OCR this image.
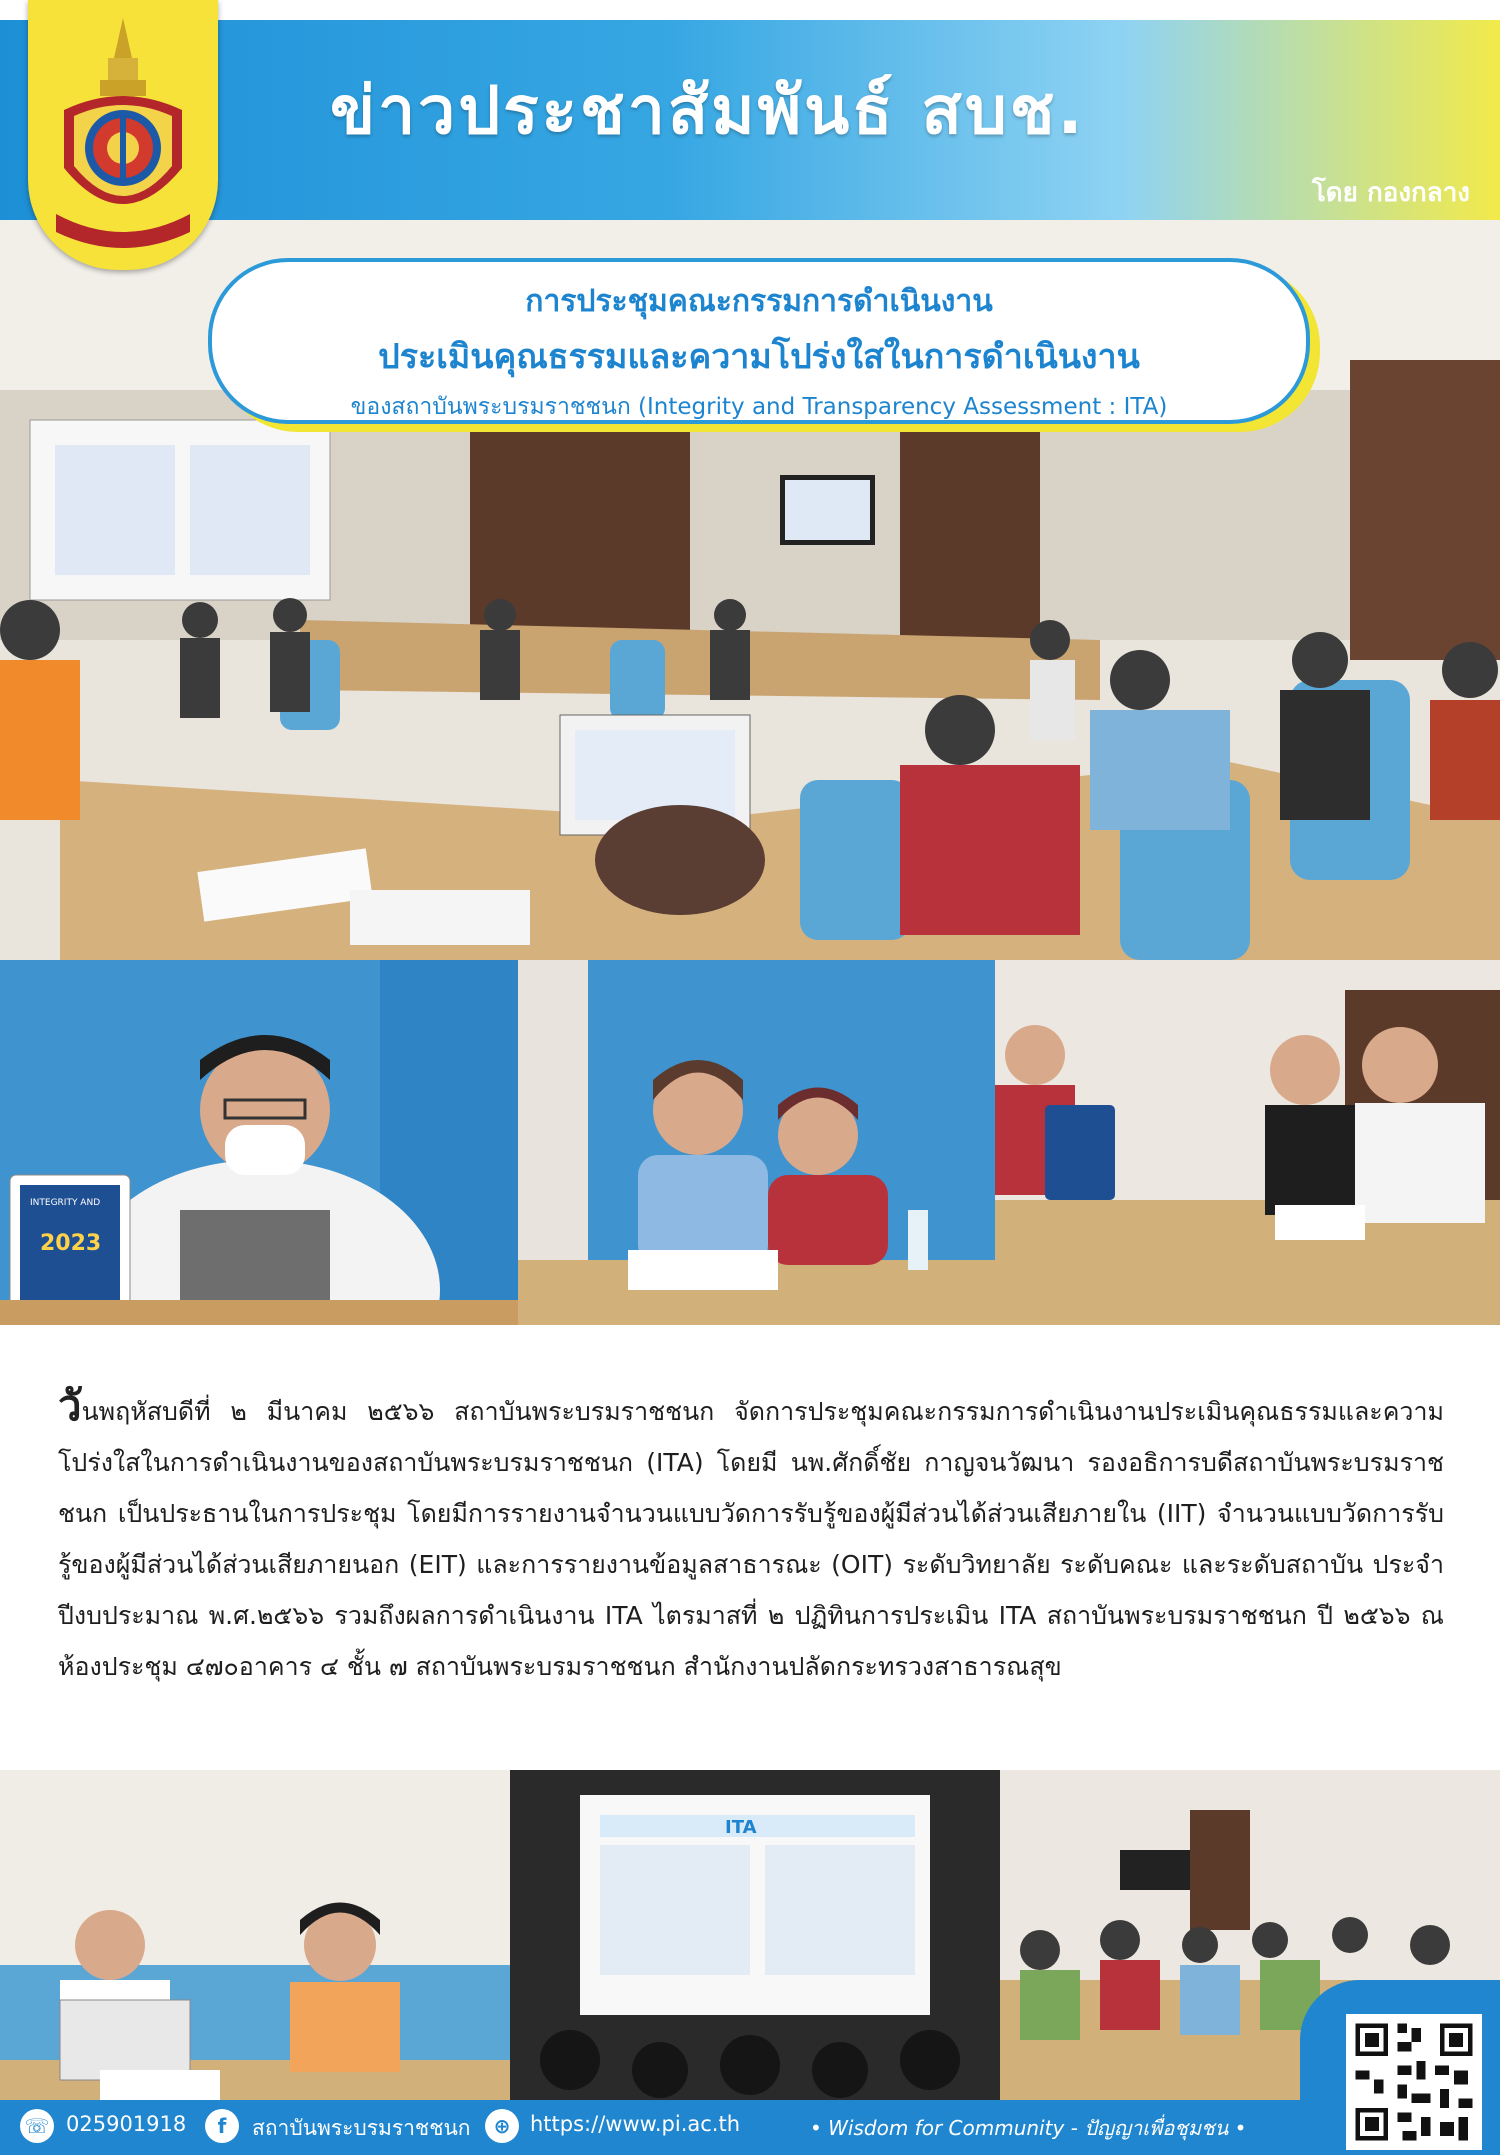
ข่าวประชาสัมพันธ์ สบช.
โดย กองกลาง
การประชุมคณะกรรมการดำเนินงาน
ประเมินคุณธรรมและความโปร่งใสในการดำเนินงาน
ของสถาบันพระบรมราชชนก (Integrity and Transparency Assessment : ITA)
INTEGRITY AND
2023
วันพฤหัสบดีที่ ๒ มีนาคม ๒๕๖๖ สถาบันพระบรมราชชนก จัดการประชุมคณะกรรมการดำเนินงานประเมินคุณธรรมและความโปร่งใสในการดำเนินงานของสถาบันพระบรมราชชนก (ITA) โดยมี นพ.ศักดิ์ชัย กาญจนวัฒนา รองอธิการบดีสถาบันพระบรมราชชนก เป็นประธานในการประชุม โดยมีการรายงานจำนวนแบบวัดการรับรู้ของผู้มีส่วนได้ส่วนเสียภายใน (IIT) จำนวนแบบวัดการรับรู้ของผู้มีส่วนได้ส่วนเสียภายนอก (EIT) และการรายงานข้อมูลสาธารณะ (OIT) ระดับวิทยาลัย ระดับคณะ และระดับสถาบัน ประจำปีงบประมาณ พ.ศ.๒๕๖๖ รวมถึงผลการดำเนินงาน ITA ไตรมาสที่ ๒ ปฏิทินการประเมิน ITA สถาบันพระบรมราชชนก ปี ๒๕๖๖ ณ ห้องประชุม ๔๗๐อาคาร ๔ ชั้น ๗ สถาบันพระบรมราชชนก สำนักงานปลัดกระทรวงสาธารณสุข
ITA
☏ 025901918	f	สถาบันพระบรมราชชนก	⊕ https://www.pi.ac.th	• Wisdom for Community - ปัญญาเพื่อชุมชน •
